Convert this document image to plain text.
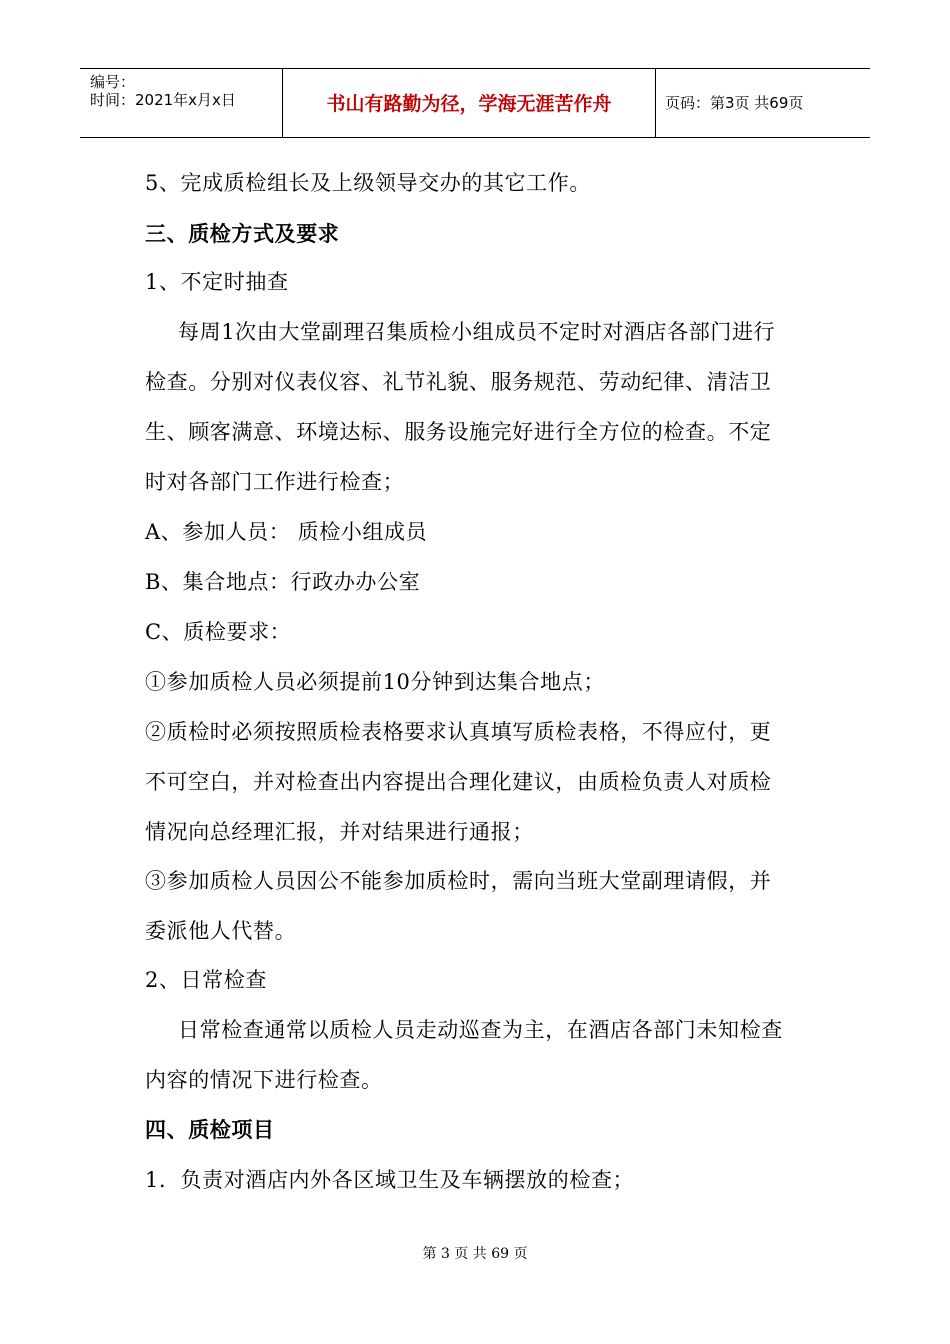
编号：
时间：2021年x月x日	书山有路勤为径，学海无涯苦作舟	页码：第3页 共69页
5、完成质检组长及上级领导交办的其它工作。
三、质检方式及要求
1、不定时抽查
每周1次由大堂副理召集质检小组成员不定时对酒店各部门进行
检查。分别对仪表仪容、礼节礼貌、服务规范、劳动纪律、清洁卫
生、顾客满意、环境达标、服务设施完好进行全方位的检查。不定
时对各部门工作进行检查；
A、参加人员： 质检小组成员
B、集合地点：行政办办公室
C、质检要求：
①参加质检人员必须提前10分钟到达集合地点；
②质检时必须按照质检表格要求认真填写质检表格，不得应付，更
不可空白，并对检查出内容提出合理化建议，由质检负责人对质检
情况向总经理汇报，并对结果进行通报；
③参加质检人员因公不能参加质检时，需向当班大堂副理请假，并
委派他人代替。
2、日常检查
日常检查通常以质检人员走动巡查为主，在酒店各部门未知检查
内容的情况下进行检查。
四、质检项目
1．负责对酒店内外各区域卫生及车辆摆放的检查；
第 3 页 共 69 页
